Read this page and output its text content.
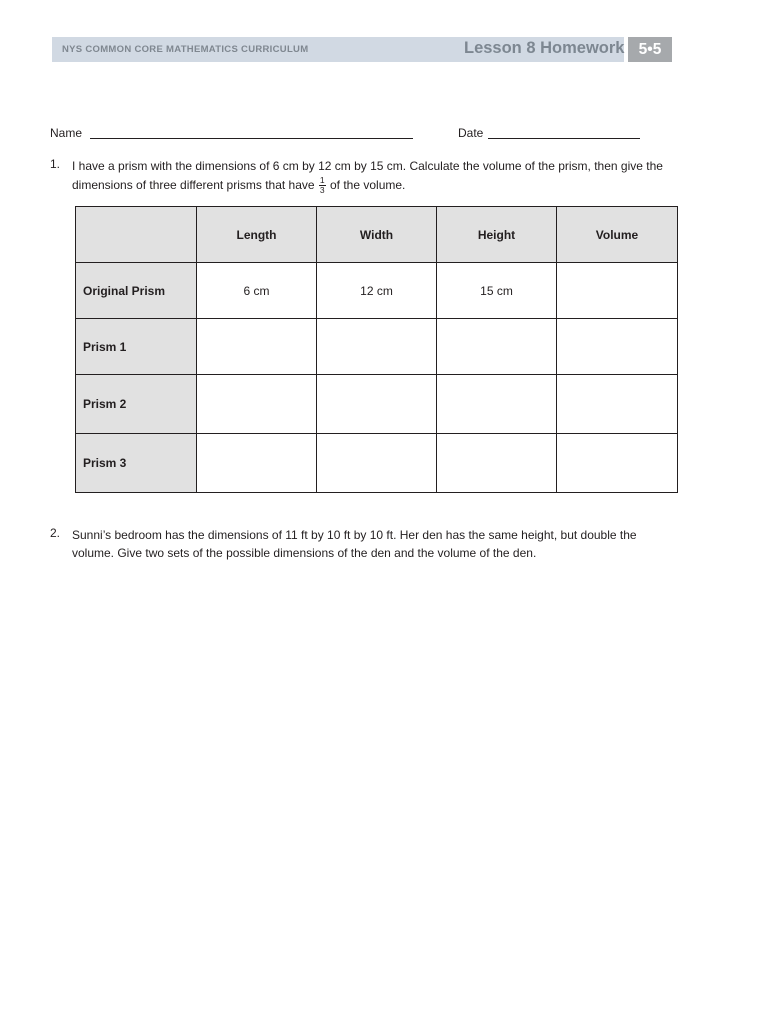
NYS COMMON CORE MATHEMATICS CURRICULUM	Lesson 8 Homework 5•5
Name	Date
1. I have a prism with the dimensions of 6 cm by 12 cm by 15 cm. Calculate the volume of the prism, then give the dimensions of three different prisms that have $\frac{1}{3}$ of the volume.
	Length	Width	Height	Volume
Original Prism	6 cm	12 cm	15 cm	
Prism 1				
Prism 2				
Prism 3				
2. Sunni’s bedroom has the dimensions of 11 ft by 10 ft by 10 ft. Her den has the same height, but double the volume. Give two sets of the possible dimensions of the den and the volume of the den.
